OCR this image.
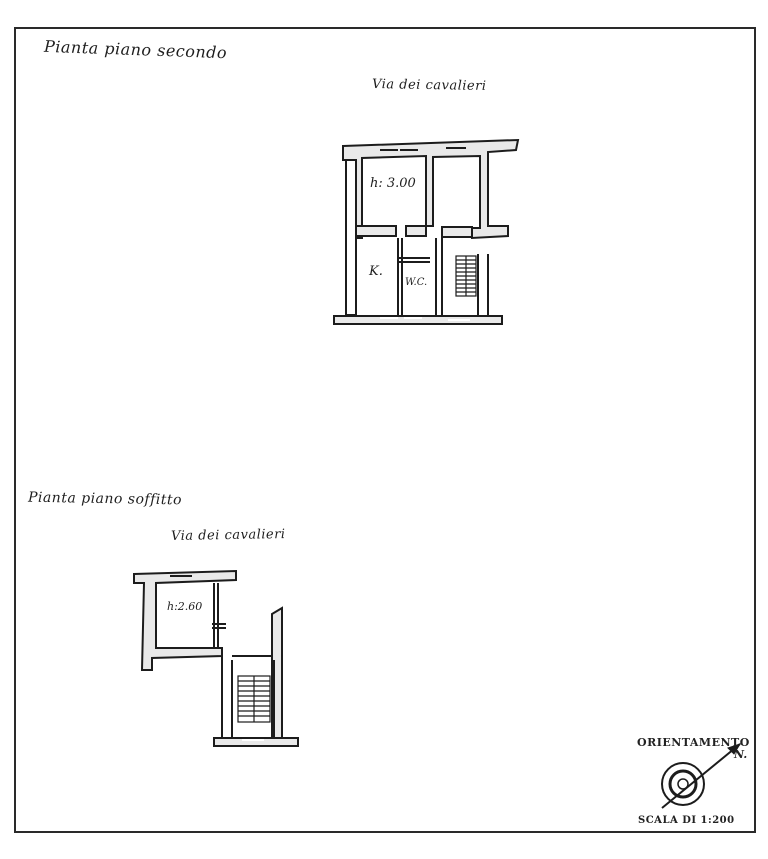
Pianta piano secondo
Via dei cavalieri
Pianta piano soffitto
Via dei cavalieri
h: 3.00
K.
W.C.
h:2.60
ORIENTAMENTO
N.
SCALA DI 1:200
